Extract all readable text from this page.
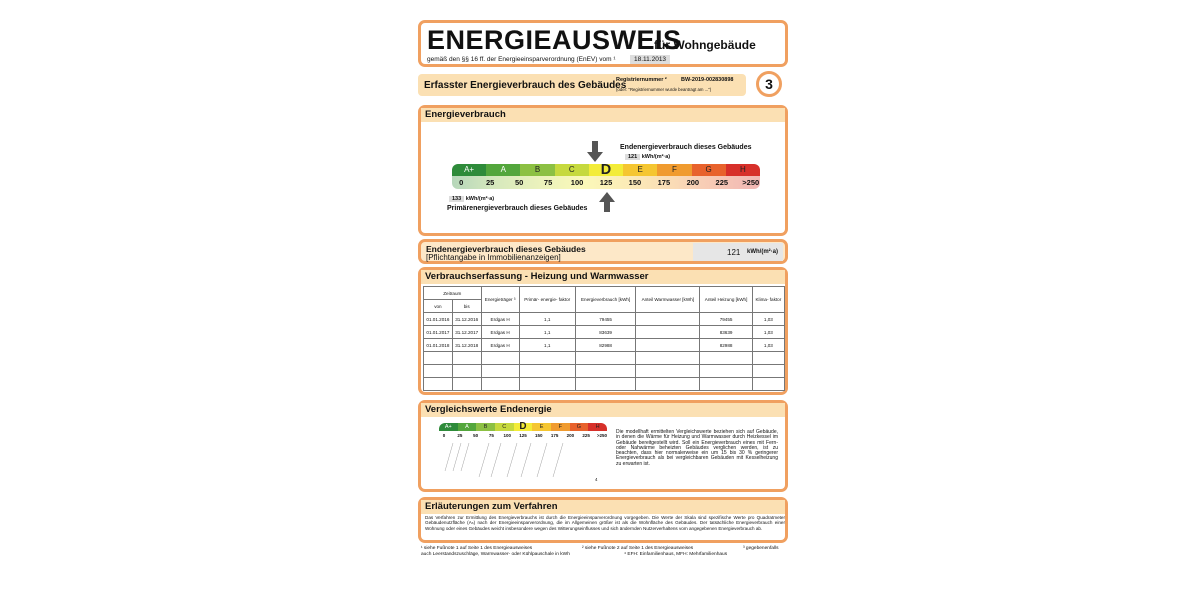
ENERGIEAUSWEIS
für Wohngebäude
gemäß den §§ 16 ff. der Energieeinsparverordnung (EnEV) vom ¹	18.11.2013
Erfasster Energieverbrauch des Gebäudes
Registriernummer ²	BW-2019-002830898
(oder: "Registriernummer wurde beantragt am ...")	3
Energieverbrauch
Endenergieverbrauch dieses Gebäudes
121 kWh/(m²·a)
A+	A	B	C	D	E	F	G	H
0	25	50	75 100 125 150 175 200 225 >250
133 kWh/(m²·a)
Primärenergieverbrauch dieses Gebäudes
Endenergieverbrauch dieses Gebäudes
[Pflichtangabe in Immobilienanzeigen]
121 kWh/(m²·a)
Verbrauchserfassung - Heizung und Warmwasser
Zeitraum		Energieträger ³	Primär- energie- faktor	Energieverbrauch [kWh]	Anteil Warmwasser [kWh]	Anteil Heizung [kWh]	Klima- faktor
von	bis						
01.01.2016	31.12.2016	Erdgas H	1,1	79455		79455	1,03
01.01.2017	31.12.2017	Erdgas H	1,1	83639		83639	1,03
01.01.2018	31.12.2018	Erdgas H	1,1	82988		82988	1,03

Vergleichswerte Endenergie
A+	A	B	C	D	E	F	G	H
0	25 50 75 100 125 150 175 200 225 >250
4
Die modellhaft ermittelten Vergleichswerte beziehen sich auf Gebäude, in denen die Wärme für Heizung und Warmwasser durch Heizkessel im Gebäude bereitgestellt wird. Soll ein Energieverbrauch eines mit Fern- oder Nahwärme beheizten Gebäudes verglichen werden, ist zu beachten, dass hier normalerweise ein um 15 bis 30 % geringerer Energieverbrauch als bei vergleichbaren Gebäuden mit Kesselheizung zu erwarten ist.
Erläuterungen zum Verfahren
Das Verfahren zur Ermittlung des Energieverbrauchs ist durch die Energieeinsparverordnung vorgegeben. Die Werte der Skala sind spezifische Werte pro Quadratmeter Gebäudenutzfläche (Aₙ) nach der Energieeinsparverordnung, die im Allgemeinen größer ist als die Wohnfläche des Gebäudes. Der tatsächliche Energieverbrauch einer Wohnung oder eines Gebäudes weicht insbesondere wegen des Witterungseinflusses und sich ändernden Nutzerverhaltens vom angegebenen Energieverbrauch ab.
¹ siehe Fußnote 1 auf Seite 1 des Energieausweises
auch Leerstandszuschläge, Warmwasser- oder Kühlpauschale in kWh
² siehe Fußnote 2 auf Seite 1 des Energieausweises
⁴ EFH: Einfamilienhaus, MFH: Mehrfamilienhaus
³ gegebenenfalls
